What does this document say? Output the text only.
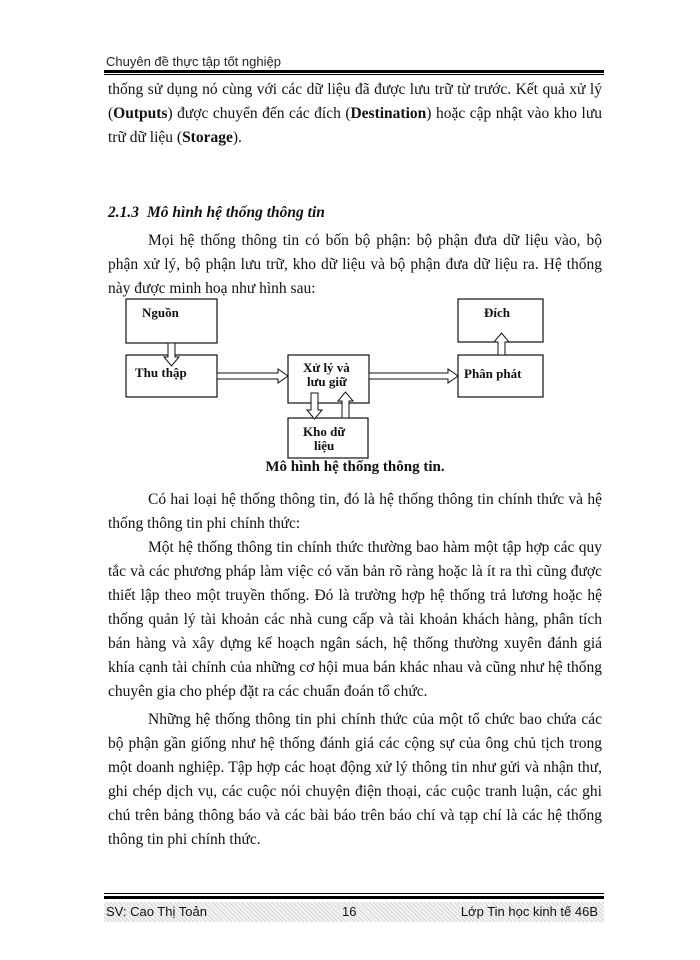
Chuyên đề thực tập tốt nghiệp

thống sử dụng nó cùng với các dữ liệu đã được lưu trữ từ trước. Kết quả xử lý (Outputs) được chuyển đến các đích (Destination) hoặc cập nhật vào kho lưu trữ dữ liệu (Storage).

2.1.3 Mô hình hệ thống thông tin

Mọi hệ thống thông tin có bốn bộ phận: bộ phận đưa dữ liệu vào, bộ phận xử lý, bộ phận lưu trữ, kho dữ liệu và bộ phận đưa dữ liệu ra. Hệ thống này được minh hoạ như hình sau:

Nguồn
Thu thập	Xử lý và
lưu giữ
Kho dữ
liệu
Đích
Phân phát

Mô hình hệ thống thông tin.

Có hai loại hệ thống thông tin, đó là hệ thống thông tin chính thức và hệ thống thông tin phi chính thức:

Một hệ thống thông tin chính thức thường bao hàm một tập hợp các quy tắc và các phương pháp làm việc có văn bản rõ ràng hoặc là ít ra thì cũng được thiết lập theo một truyền thống. Đó là trường hợp hệ thống trả lương hoặc hệ thống quản lý tài khoản các nhà cung cấp và tài khoản khách hàng, phân tích bán hàng và xây dựng kế hoạch ngân sách, hệ thống thường xuyên đánh giá khía cạnh tài chính của những cơ hội mua bán khác nhau và cũng như hệ thống chuyên gia cho phép đặt ra các chuẩn đoán tổ chức.

Những hệ thống thông tin phi chính thức của một tổ chức bao chứa các bộ phận gần giống như hệ thống đánh giá các cộng sự của ông chủ tịch trong một doanh nghiệp. Tập hợp các hoạt động xử lý thông tin như gửi và nhận thư, ghi chép dịch vụ, các cuộc nói chuyện điện thoại, các cuộc tranh luận, các ghi chú trên bảng thông báo và các bài báo trên báo chí và tạp chí là các hệ thống thông tin phi chính thức.

SV: Cao Thị Toản	16	Lớp Tin học kinh tế 46B
